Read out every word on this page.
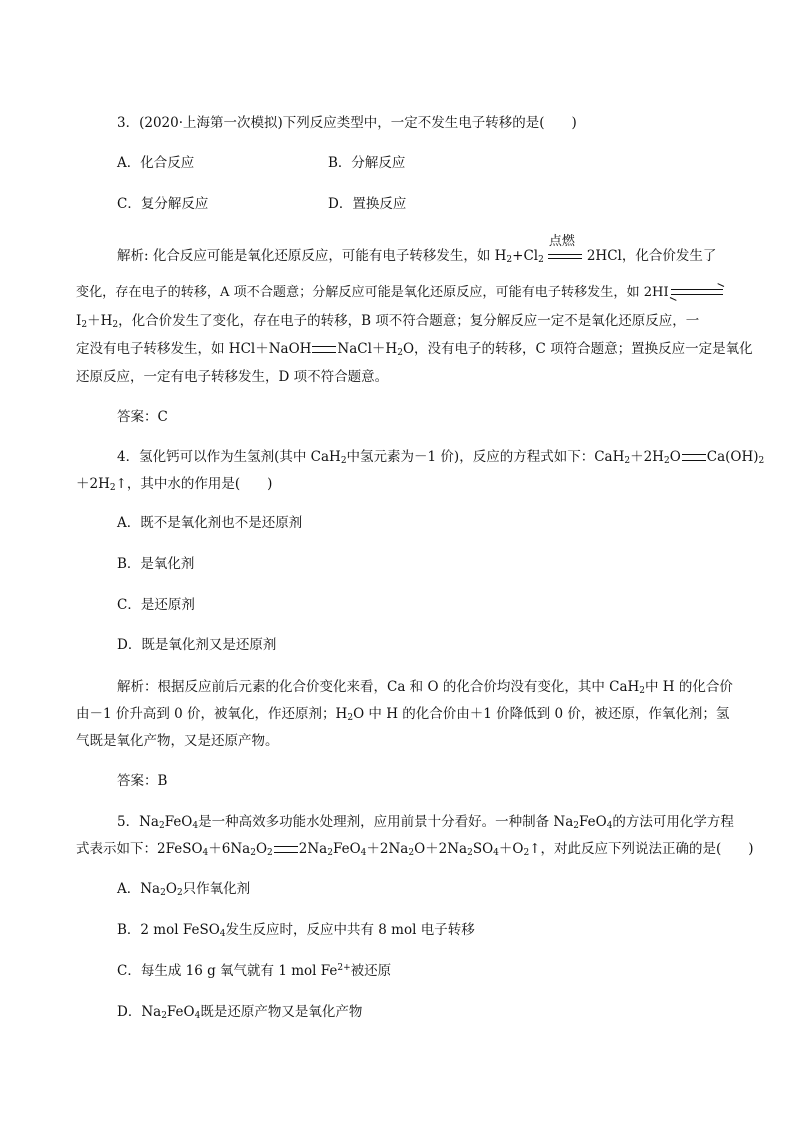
3．(2020·上海第一次模拟)下列反应类型中，一定不发生电子转移的是(　　)
A．化合反应	B．分解反应
C．复分解反应	D．置换反应
解析: 化合反应可能是氧化还原反应，可能有电子转移发生，如 $H_2+Cl_2$
点燃
2HCl，化合价发生了
变化，存在电子的转移，A 项不合题意；分解反应可能是氧化还原反应，可能有电子转移发生，如 2HI
$I_2+H_2$，化合价发生了变化，存在电子的转移，B 项不符合题意；复分解反应一定不是氧化还原反应，一
定没有电子转移发生，如 HCl＋NaOH $NaCl+H_2O$，没有电子的转移，C 项符合题意；置换反应一定是氧化
还原反应，一定有电子转移发生，D 项不符合题意。
答案：C
4．氢化钙可以作为生氢剂(其中 CaH$_2$中氢元素为－1 价)，反应的方程式如下：$CaH_2+2H_2O$ $Ca(OH)_2$
$+2H_2↑$，其中水的作用是(　　)
A．既不是氧化剂也不是还原剂
B．是氧化剂
C．是还原剂
D．既是氧化剂又是还原剂
解析：根据反应前后元素的化合价变化来看，Ca 和 O 的化合价均没有变化，其中 CaH$_2$中 H 的化合价
由－1 价升高到 0 价，被氧化，作还原剂；$H_2O$ 中 H 的化合价由＋1 价降低到 0 价，被还原，作氧化剂；氢
气既是氧化产物，又是还原产物。
答案：B
5．$Na_2FeO_4$是一种高效多功能水处理剂，应用前景十分看好。一种制备 $Na_2FeO_4$的方法可用化学方程
式表示如下：$2FeSO_4+6Na_2O_2$ $2Na_2FeO_4+2Na_2O+2Na_2SO_4+O_2↑$，对此反应下列说法正确的是(　　)
A．$Na_2O_2$只作氧化剂
B．2 mol FeSO$_4$发生反应时，反应中共有 8 mol 电子转移
C．每生成 16 g 氧气就有 1 mol $Fe^{2+}$被还原
D．$Na_2FeO_4$既是还原产物又是氧化产物
